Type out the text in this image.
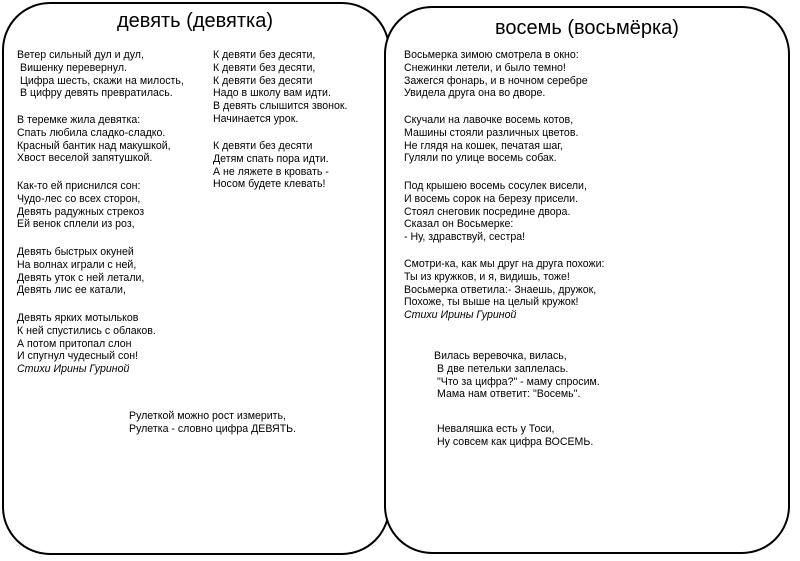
девять (девятка)	восемь (восьмёрка)
Ветер сильный дул и дул,
Вишенку перевернул.
Цифра шесть, скажи на милость,
В цифру девять превратилась.
В теремке жила девятка:
Спать любила сладко-сладко.
Красный бантик над макушкой,
Хвост веселой запятушкой.
Как-то ей приснился сон:
Чудо-лес со всех сторон,
Девять радужных стрекоз
Ей венок сплели из роз,
Девять быстрых окуней
На волнах играли с ней,
Девять уток с ней летали,
Девять лис ее катали,
Девять ярких мотыльков
К ней спустились с облаков.
А потом притопал слон
И спугнул чудесный сон!
Стихи Ирины Гуриной
К девяти без десяти,
К девяти без десяти,
К девяти без десяти
Надо в школу вам идти.
В девять слышится звонок.
Начинается урок.
К девяти без десяти
Детям спать пора идти.
А не ляжете в кровать -
Носом будете клевать!
Рулеткой можно рост измерить,
Рулетка - словно цифра ДЕВЯТЬ.
Восьмерка зимою смотрела в окно:
Снежинки летели, и было темно!
Зажегся фонарь, и в ночном серебре
Увидела друга она во дворе.
Скучали на лавочке восемь котов,
Машины стояли различных цветов.
Не глядя на кошек, печатая шаг,
Гуляли по улице восемь собак.
Под крышею восемь сосулек висели,
И восемь сорок на березу присели.
Стоял снеговик посредине двора.
Сказал он Восьмерке:
- Ну, здравствуй, сестра!
Смотри-ка, как мы друг на друга похожи:
Ты из кружков, и я, видишь, тоже!
Восьмерка ответила:- Знаешь, дружок,
Похоже, ты выше на целый кружок!
Стихи Ирины Гуриной
Вилась веревочка, вилась,
В две петельки заплелась.
"Что за цифра?" - маму спросим.
Мама нам ответит: "Восемь".
Неваляшка есть у Тоси,
Ну совсем как цифра ВОСЕМЬ.
